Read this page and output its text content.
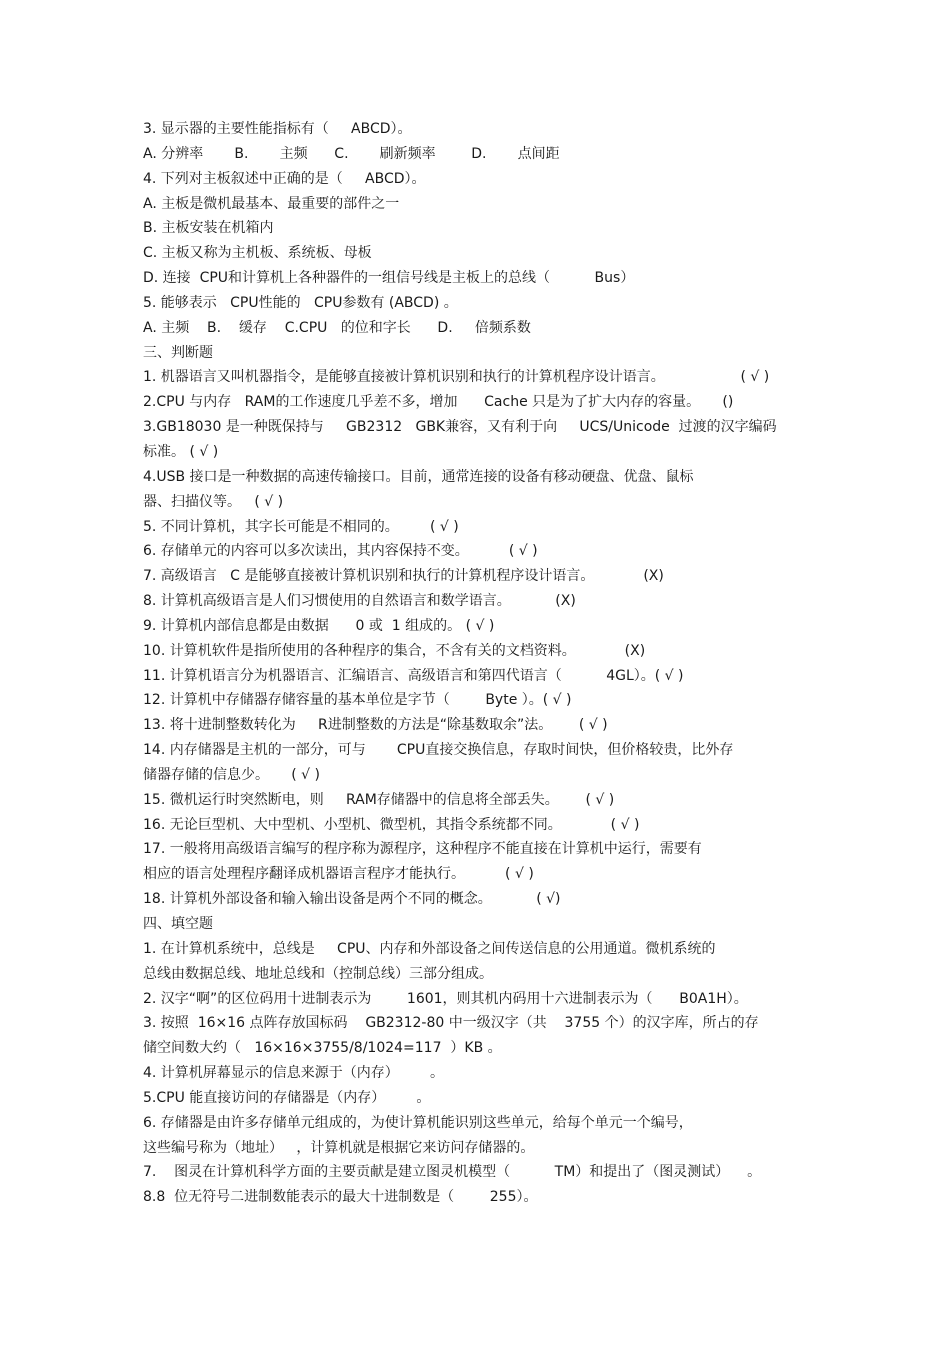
3. 显示器的主要性能指标有（     ABCD）。
A. 分辨率       B.       主频      C.       刷新频率        D.       点间距
4. 下列对主板叙述中正确的是（     ABCD）。
A. 主板是微机最基本、最重要的部件之一
B. 主板安装在机箱内
C. 主板又称为主机板、系统板、母板
D. 连接  CPU和计算机上各种器件的一组信号线是主板上的总线（          Bus）
5. 能够表示   CPU性能的   CPU参数有 (ABCD) 。
A. 主频    B.    缓存    C.CPU   的位和字长      D.     倍频系数
三、判断题
1. 机器语言又叫机器指令，是能够直接被计算机识别和执行的计算机程序设计语言。                 ( √ )
2.CPU 与内存   RAM的工作速度几乎差不多，增加      Cache 只是为了扩大内存的容量。     ()
3.GB18030 是一种既保持与     GB2312   GBK兼容，又有利于向     UCS/Unicode  过渡的汉字编码
标准。 ( √ )
4.USB 接口是一种数据的高速传输接口。目前，通常连接的设备有移动硬盘、优盘、鼠标
器、扫描仪等。   ( √ )
5. 不同计算机，其字长可能是不相同的。       ( √ )
6. 存储单元的内容可以多次读出，其内容保持不变。         ( √ )
7. 高级语言   C 是能够直接被计算机识别和执行的计算机程序设计语言。           (X)
8. 计算机高级语言是人们习惯使用的自然语言和数学语言。          (X)
9. 计算机内部信息都是由数据      0 或  1 组成的。 ( √ )
10. 计算机软件是指所使用的各种程序的集合，不含有关的文档资料。           (X)
11. 计算机语言分为机器语言、汇编语言、高级语言和第四代语言（          4GL）。( √ )
12. 计算机中存储器存储容量的基本单位是字节（        Byte ）。( √ )
13. 将十进制整数转化为     R进制整数的方法是“除基数取余”法。      ( √ )
14. 内存储器是主机的一部分，可与       CPU直接交换信息，存取时间快，但价格较贵，比外存
储器存储的信息少。     ( √ )
15. 微机运行时突然断电，则     RAM存储器中的信息将全部丢失。      ( √ )
16. 无论巨型机、大中型机、小型机、微型机，其指令系统都不同。           ( √ )
17. 一般将用高级语言编写的程序称为源程序，这种程序不能直接在计算机中运行，需要有
相应的语言处理程序翻译成机器语言程序才能执行。         ( √ )
18. 计算机外部设备和输入输出设备是两个不同的概念。          ( √)
四、填空题
1. 在计算机系统中，总线是     CPU、内存和外部设备之间传送信息的公用通道。微机系统的
总线由数据总线、地址总线和（控制总线）三部分组成。
2. 汉字“啊”的区位码用十进制表示为        1601，则其机内码用十六进制表示为（      B0A1H）。
3. 按照  16×16 点阵存放国标码    GB2312-80 中一级汉字（共    3755 个）的汉字库，所占的存
储空间数大约（   16×16×3755/8/1024=117  ）KB 。
4. 计算机屏幕显示的信息来源于（内存）       。
5.CPU 能直接访问的存储器是（内存）       。
6. 存储器是由许多存储单元组成的，为使计算机能识别这些单元，给每个单元一个编号，
这些编号称为（地址）   ，计算机就是根据它来访问存储器的。
7.    图灵在计算机科学方面的主要贡献是建立图灵机模型（          TM）和提出了（图灵测试）    。
8.8  位无符号二进制数能表示的最大十进制数是（        255）。
